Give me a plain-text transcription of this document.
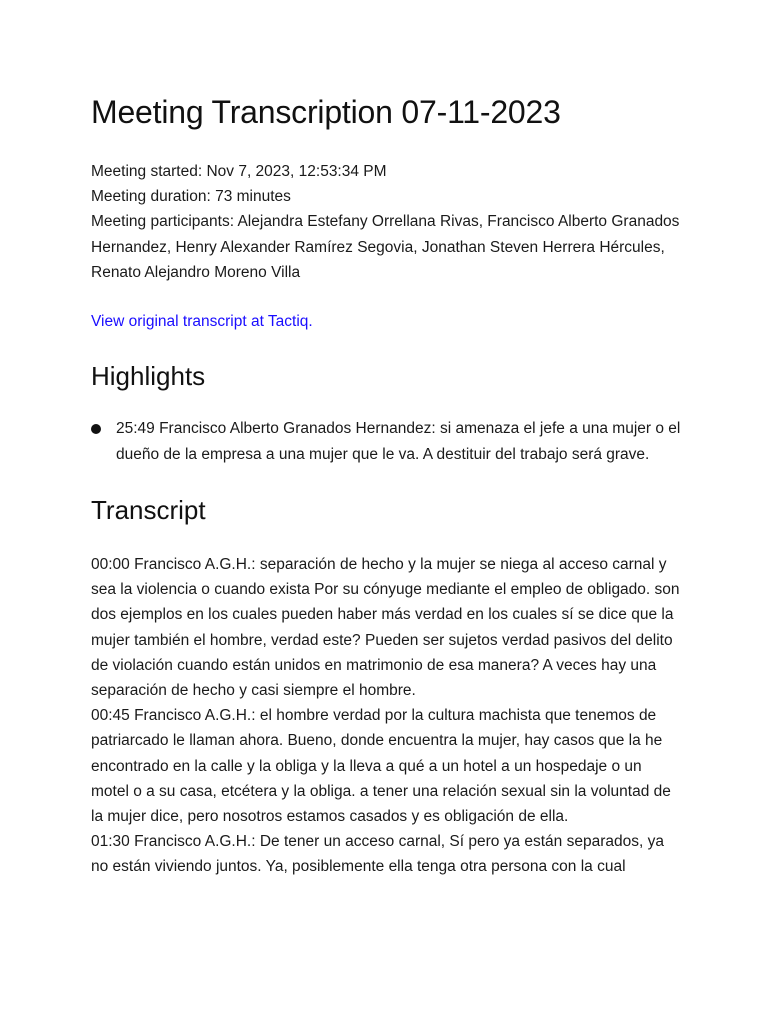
Meeting Transcription 07-11-2023

Meeting started: Nov 7, 2023, 12:53:34 PM

Meeting duration: 73 minutes

Meeting participants: Alejandra Estefany Orrellana Rivas, Francisco Alberto Granados Hernandez, Henry Alexander Ramírez Segovia, Jonathan Steven Herrera Hércules, Renato Alejandro Moreno Villa

View original transcript at Tactiq.
Highlights
25:49 Francisco Alberto Granados Hernandez: si amenaza el jefe a una mujer o el dueño de la empresa a una mujer que le va. A destituir del trabajo será grave.
Transcript

00:00 Francisco A.G.H.: separación de hecho y la mujer se niega al acceso carnal y sea la violencia o cuando exista Por su cónyuge mediante el empleo de obligado. son dos ejemplos en los cuales pueden haber más verdad en los cuales sí se dice que la mujer también el hombre, verdad este? Pueden ser sujetos verdad pasivos del delito de violación cuando están unidos en matrimonio de esa manera? A veces hay una separación de hecho y casi siempre el hombre.

00:45 Francisco A.G.H.: el hombre verdad por la cultura machista que tenemos de patriarcado le llaman ahora. Bueno, donde encuentra la mujer, hay casos que la he encontrado en la calle y la obliga y la lleva a qué a un hotel a un hospedaje o un motel o a su casa, etcétera y la obliga. a tener una relación sexual sin la voluntad de la mujer dice, pero nosotros estamos casados y es obligación de ella.

01:30 Francisco A.G.H.: De tener un acceso carnal, Sí pero ya están separados, ya no están viviendo juntos. Ya, posiblemente ella tenga otra persona con la cual
